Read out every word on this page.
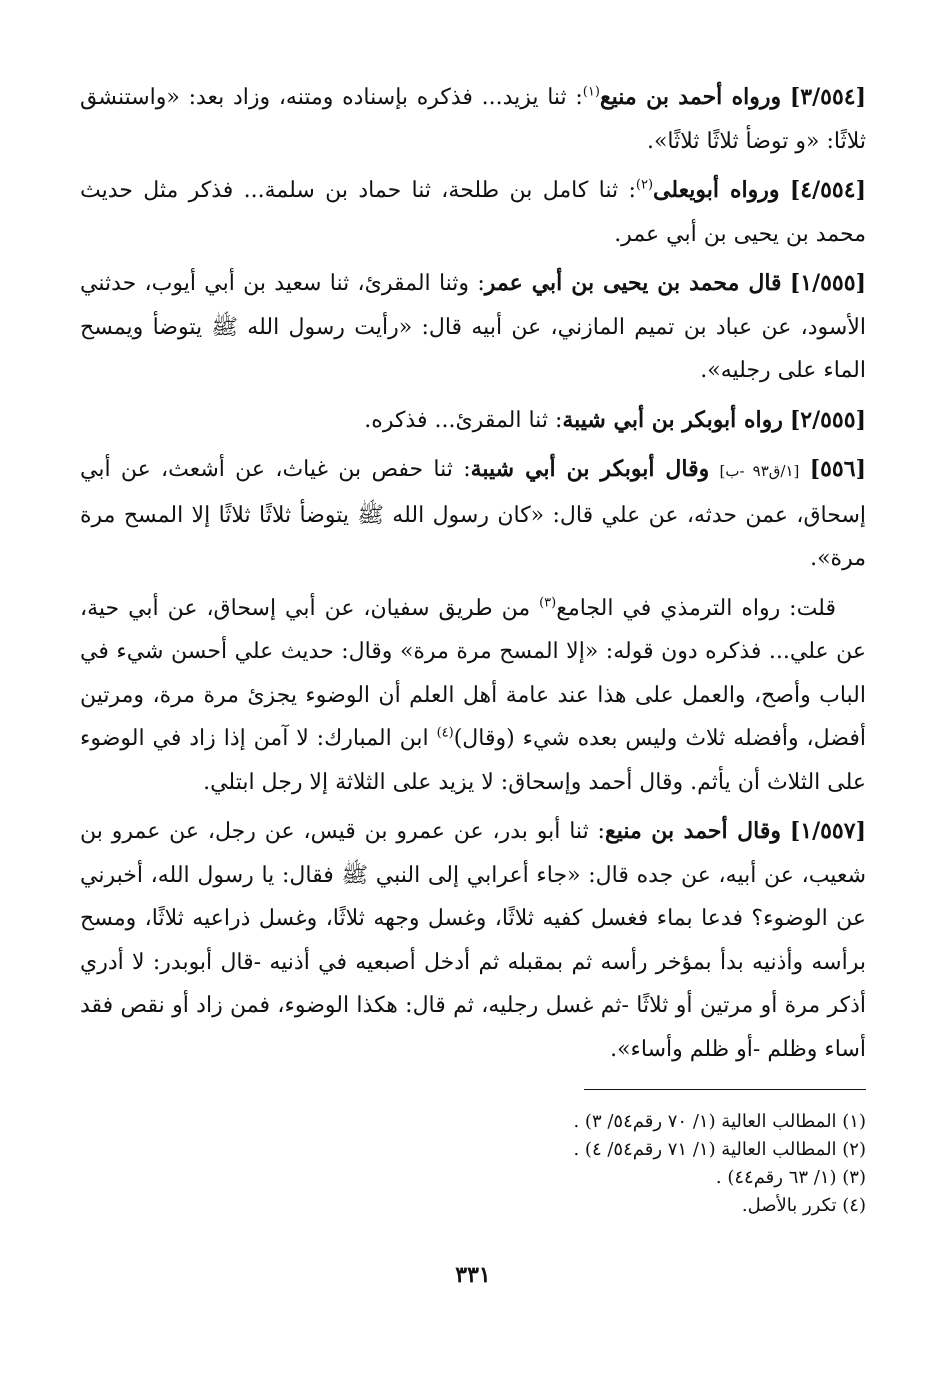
[٣/٥٥٤] ورواه أحمد بن منيع$^{(١)}$: ثنا يزيد... فذكره بإسناده ومتنه، وزاد بعد: «واستنشق ثلاثًا: «و توضأ ثلاثًا ثلاثًا».

[٤/٥٥٤] ورواه أبويعلى$^{(٢)}$: ثنا كامل بن طلحة، ثنا حماد بن سلمة... فذكر مثل حديث محمد بن يحيى بن أبي عمر.

[١/٥٥٥] قال محمد بن يحيى بن أبي عمر: وثنا المقرئ، ثنا سعيد بن أبي أيوب، حدثني الأسود، عن عباد بن تميم المازني، عن أبيه قال: «رأيت رسول الله ﷺ يتوضأ ويمسح الماء على رجليه».

[٢/٥٥٥] رواه أبوبكر بن أبي شيبة: ثنا المقرئ... فذكره.

[٥٥٦] [١/ق٩٣ -ب] وقال أبوبكر بن أبي شيبة: ثنا حفص بن غياث، عن أشعث، عن أبي إسحاق، عمن حدثه، عن علي قال: «كان رسول الله ﷺ يتوضأ ثلاثًا ثلاثًا إلا المسح مرة مرة».

قلت: رواه الترمذي في الجامع$^{(٣)}$ من طريق سفيان، عن أبي إسحاق، عن أبي حية، عن علي... فذكره دون قوله: «إلا المسح مرة مرة» وقال: حديث علي أحسن شيء في الباب وأصح، والعمل على هذا عند عامة أهل العلم أن الوضوء يجزئ مرة مرة، ومرتين أفضل، وأفضله ثلاث وليس بعده شيء (وقال)$^{(٤)}$ ابن المبارك: لا آمن إذا زاد في الوضوء على الثلاث أن يأثم. وقال أحمد وإسحاق: لا يزيد على الثلاثة إلا رجل ابتلي.

[١/٥٥٧] وقال أحمد بن منيع: ثنا أبو بدر، عن عمرو بن قيس، عن رجل، عن عمرو بن شعيب، عن أبيه، عن جده قال: «جاء أعرابي إلى النبي ﷺ فقال: يا رسول الله، أخبرني عن الوضوء؟ فدعا بماء فغسل كفيه ثلاثًا، وغسل وجهه ثلاثًا، وغسل ذراعيه ثلاثًا، ومسح برأسه وأذنيه بدأ بمؤخر رأسه ثم بمقبله ثم أدخل أصبعيه في أذنيه -قال أبوبدر: لا أدري أذكر مرة أو مرتين أو ثلاثًا -ثم غسل رجليه، ثم قال: هكذا الوضوء، فمن زاد أو نقص فقد أساء وظلم -أو ظلم وأساء».

(١) المطالب العالية (١/ ٧٠ رقم٥٤/ ٣) .

(٢) المطالب العالية (١/ ٧١ رقم٥٤/ ٤) .

(٣) (١/ ٦٣ رقم٤٤) .

(٤) تكرر بالأصل.

٣٣١
